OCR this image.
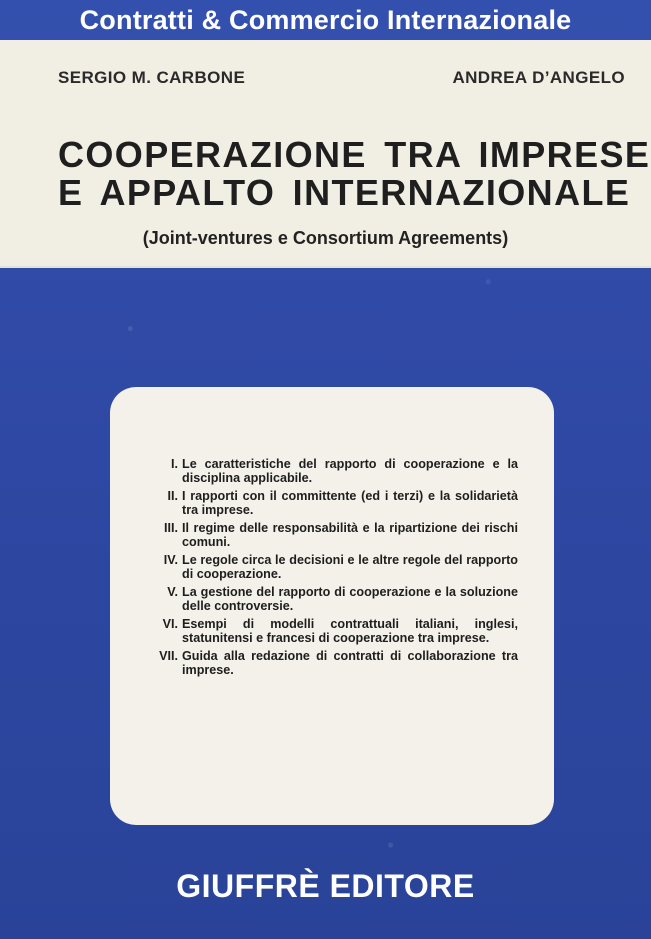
Contratti & Commercio Internazionale
SERGIO M. CARBONE	ANDREA D’ANGELO
COOPERAZIONE TRA IMPRESE
E APPALTO INTERNAZIONALE
(Joint-ventures e Consortium Agreements)
I. Le caratteristiche del rapporto di cooperazione e la disciplina applicabile.
II. I rapporti con il committente (ed i terzi) e la solidarietà tra imprese.
III. Il regime delle responsabilità e la ripartizione dei rischi comuni.
IV. Le regole circa le decisioni e le altre regole del rapporto di cooperazione.
V. La gestione del rapporto di cooperazione e la soluzione delle controversie.
VI. Esempi di modelli contrattuali italiani, inglesi, statunitensi e francesi di cooperazione tra imprese.
VII. Guida alla redazione di contratti di collaborazione tra imprese.
GIUFFRÈ EDITORE
